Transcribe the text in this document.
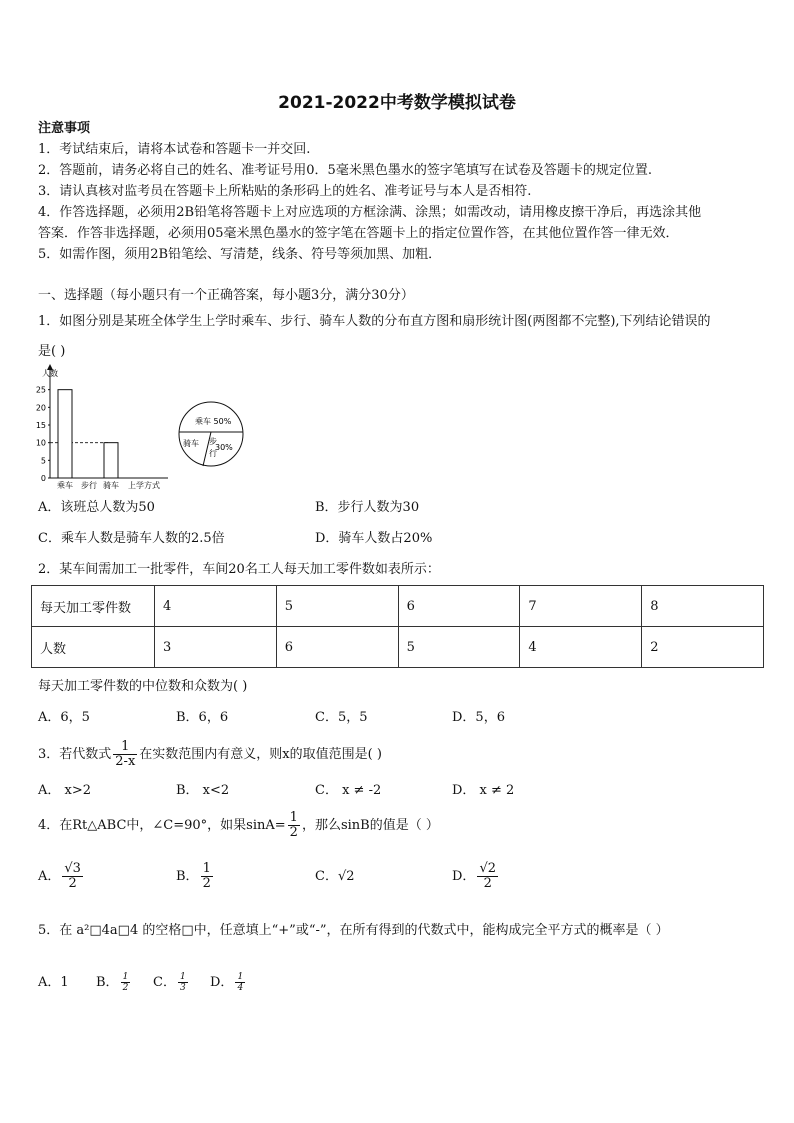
2021-2022中考数学模拟试卷
注意事项
1．考试结束后，请将本试卷和答题卡一并交回.
2．答题前，请务必将自己的姓名、准考证号用0．5毫米黑色墨水的签字笔填写在试卷及答题卡的规定位置.
3．请认真核对监考员在答题卡上所粘贴的条形码上的姓名、准考证号与本人是否相符.
4．作答选择题，必须用2B铅笔将答题卡上对应选项的方框涂满、涂黑；如需改动，请用橡皮擦干净后，再选涂其他
答案．作答非选择题，必须用05毫米黑色墨水的签字笔在答题卡上的指定位置作答，在其他位置作答一律无效．
5．如需作图，须用2B铅笔绘、写清楚，线条、符号等须加黑、加粗．
一、选择题（每小题只有一个正确答案，每小题3分，满分30分）
1．如图分别是某班全体学生上学时乘车、步行、骑车人数的分布直方图和扇形统计图(两图都不完整),下列结论错误的
是( )
人数
0
5
10
15
20
25
乘车 步行 骑车 上学方式
乘车 50%
骑车 步
30%
行
A．该班总人数为50	B．步行人数为30
C．乘车人数是骑车人数的2.5倍	D．骑车人数占20%
2．某车间需加工一批零件，车间20名工人每天加工零件数如表所示：
每天加工零件数	4	5	6	7	8
人数	3	6	5	4	2
每天加工零件数的中位数和众数为( )
A．6，5	B．6，6	C．5，5	D．5，6
3．若代数式 $\frac{1}{2-x}$ 在实数范围内有意义，则x的取值范围是( )
A． x>2	B． x<2	C． x ≠ -2	D． x ≠ 2
4．在Rt△ABC中，∠C=90°，如果$\sin A= \frac{1}{2}$ ，那么sinB的值是（ ）
A． $\frac{√3}{2}$	B． $\frac{1}{2}$	C．√2	D． $\frac{√2}{2}$
5．在 a²□4a□4 的空格□中，任意填上“+”或“-”，在所有得到的代数式中，能构成完全平方式的概率是（ ）
A．1 B． $\frac{1}{2}$ C． $\frac{1}{3}$ D． $\frac{1}{4}$
